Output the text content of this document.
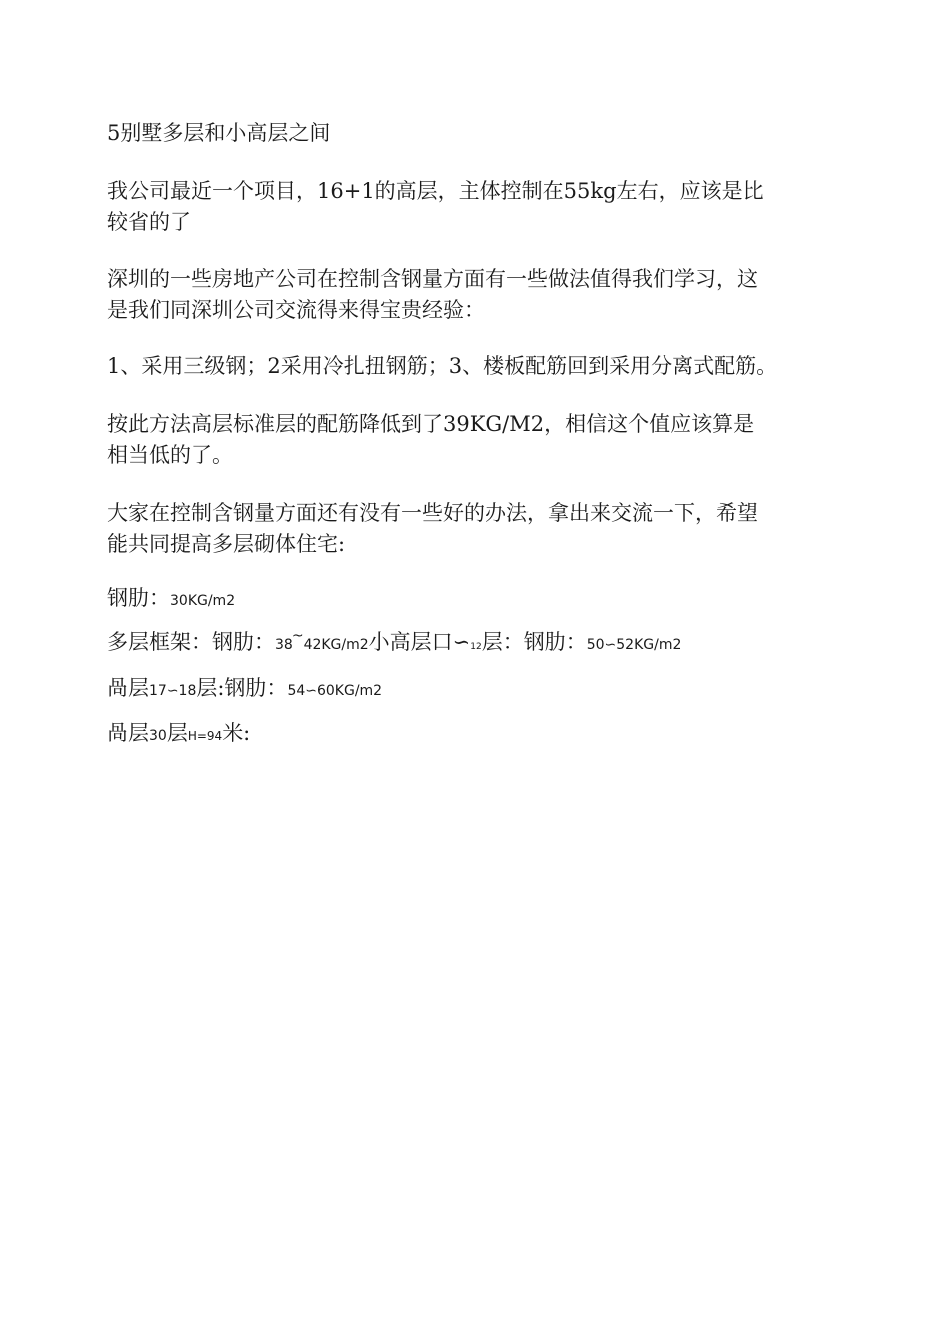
5别墅多层和小高层之间

我公司最近一个项目，16+1的高层，主体控制在55kg左右，应该是比
较省的了

深圳的一些房地产公司在控制含钢量方面有一些做法值得我们学习，这
是我们同深圳公司交流得来得宝贵经验：

1、采用三级钢；2采用冷扎扭钢筋；3、楼板配筋回到采用分离式配筋。

按此方法高层标准层的配筋降低到了39KG/M2，相信这个值应该算是
相当低的了。

大家在控制含钢量方面还有没有一些好的办法，拿出来交流一下，希望
能共同提高多层砌体住宅:

钢肋：30KG/m2

多层框架：钢肋：38~42KG/m2小高层口∽12层：钢肋：50∽52KG/m2

咼层17∽18层:钢肋：54∽60KG/m2

咼层30层H=94米:
